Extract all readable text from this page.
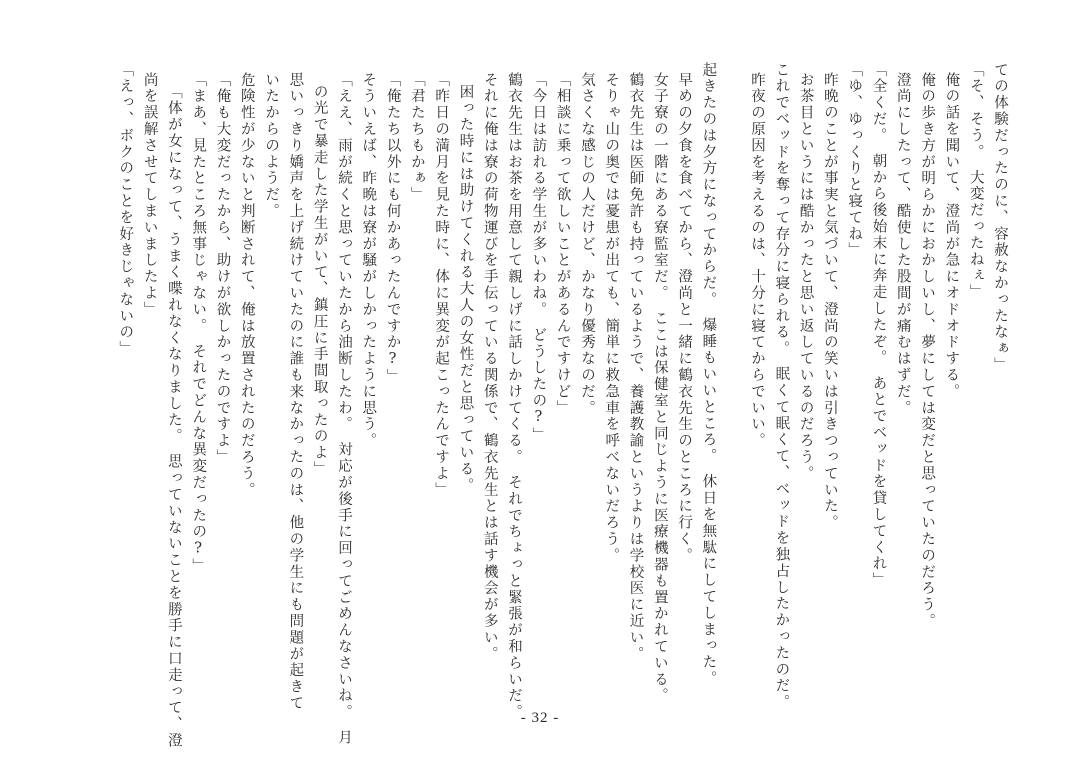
「えっ、ボクのことを好きじゃないの」 尚を誤解させてしまいましたよ」 「体が女になって、うまく喋れなくなりました。　思っていないことを勝手に口走って、澄 「まあ、見たところ無事じゃない。　それでどんな異変だったの?」 「俺も大変だったから、助けが欲しかったのですよ」 危険性が少ないと判断されて、俺は放置されたのだろう。 いたからのようだ。 思いっきり嬌声を上げ続けていたのに誰も来なかったのは、他の学生にも問題が起きて の光で暴走した学生がいて、鎮圧に手間取ったのよ」 「ええ、雨が続くと思っていたから油断したわ。　対応が後手に回ってごめんなさいね。　月 そういえば、昨晩は寮が騒がしかったように思う。 「俺たち以外にも何かあったんですか?」 「君たちもかぁ」 「昨日の満月を見た時に、体に異変が起こったんですよ」 困った時には助けてくれる大人の女性だと思っている。 それに俺は寮の荷物運びを手伝っている関係で、鶴衣先生とは話す機会が多い。 鶴衣先生はお茶を用意して親しげに話しかけてくる。　それでちょっと緊張が和らいだ。 「今日は訪れる学生が多いわね。　どうしたの?」 「相談に乗って欲しいことがあるんですけど」 気さくな感じの人だけど、かなり優秀なのだ。 そりゃ山の奥では憂患が出ても、簡単に救急車を呼べないだろう。 鶴衣先生は医師免許も持っているようで、養護教諭というよりは学校医に近い。 女子寮の一階にある寮監室だ。　ここは保健室と同じように医療機器も置かれている。 早めの夕食を食べてから、澄尚と一緒に鶴衣先生のところに行く。 起きたのは夕方になってからだ。　爆睡もいいところ。　休日を無駄にしてしまった。	昨夜の原因を考えるのは、十分に寝てからでいい。 これでベッドを奪って存分に寝られる。　眠くて眠くて、ベッドを独占したかったのだ。 お茶目というには酷かったと思い返しているのだろう。 昨晩のことが事実と気づいて、澄尚の笑いは引きつっていた。 「ゆ、ゆっくりと寝てね」 「全くだ。　朝から後始末に奔走したぞ。　あとでベッドを貸してくれ」 澄尚にしたって、酷使した股間が痛むはずだ。 俺の歩き方が明らかにおかしいし、夢にしては変だと思っていたのだろう。 俺の話を聞いて、澄尚が急にオドオドする。 「そ、そう。　大変だったねぇ」 ての体験だったのに、容赦なかったなぁ」
- 32 -
